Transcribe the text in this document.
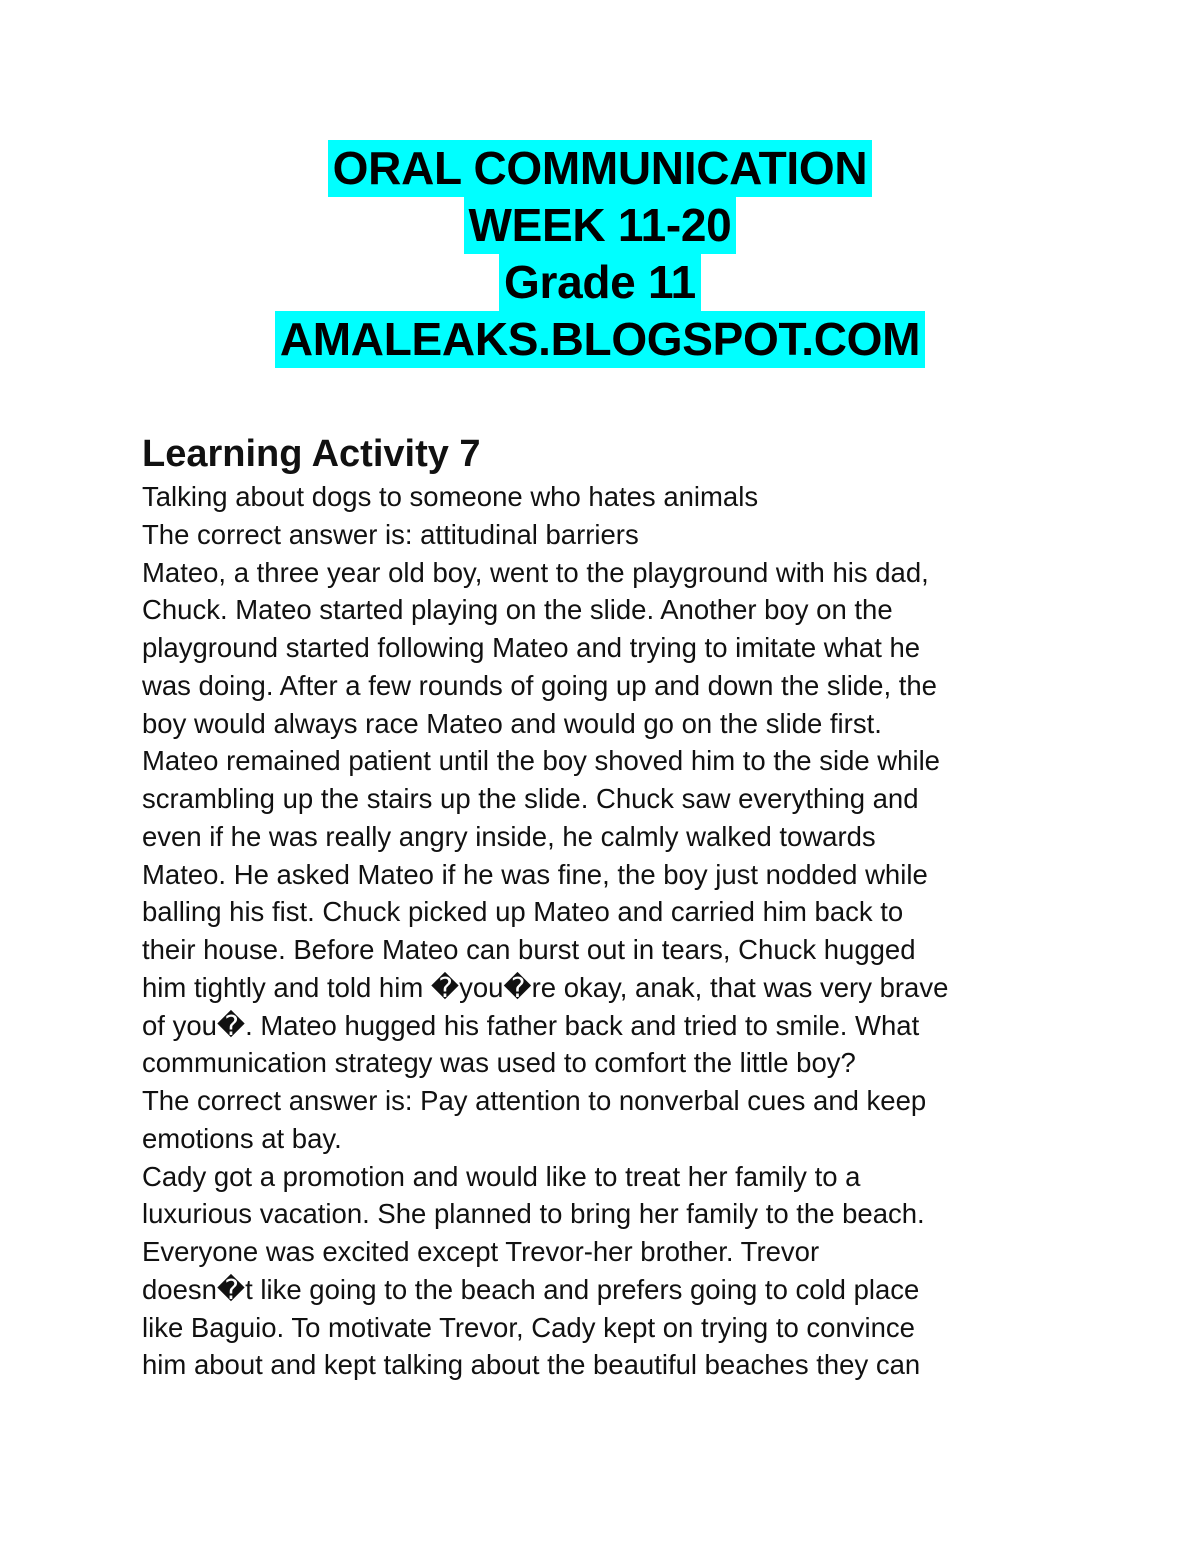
ORAL COMMUNICATION
WEEK 11-20
Grade 11
AMALEAKS.BLOGSPOT.COM
Learning Activity 7
Talking about dogs to someone who hates animals
The correct answer is: attitudinal barriers
Mateo, a three year old boy, went to the playground with his dad,
Chuck. Mateo started playing on the slide. Another boy on the
playground started following Mateo and trying to imitate what he
was doing. After a few rounds of going up and down the slide, the
boy would always race Mateo and would go on the slide first.
Mateo remained patient until the boy shoved him to the side while
scrambling up the stairs up the slide. Chuck saw everything and
even if he was really angry inside, he calmly walked towards
Mateo. He asked Mateo if he was fine, the boy just nodded while
balling his fist. Chuck picked up Mateo and carried him back to
their house. Before Mateo can burst out in tears, Chuck hugged
him tightly and told him �you�re okay, anak, that was very brave
of you�. Mateo hugged his father back and tried to smile. What
communication strategy was used to comfort the little boy?
The correct answer is: Pay attention to nonverbal cues and keep
emotions at bay.
Cady got a promotion and would like to treat her family to a
luxurious vacation. She planned to bring her family to the beach.
Everyone was excited except Trevor-her brother. Trevor
doesn�t like going to the beach and prefers going to cold place
like Baguio. To motivate Trevor, Cady kept on trying to convince
him about and kept talking about the beautiful beaches they can
